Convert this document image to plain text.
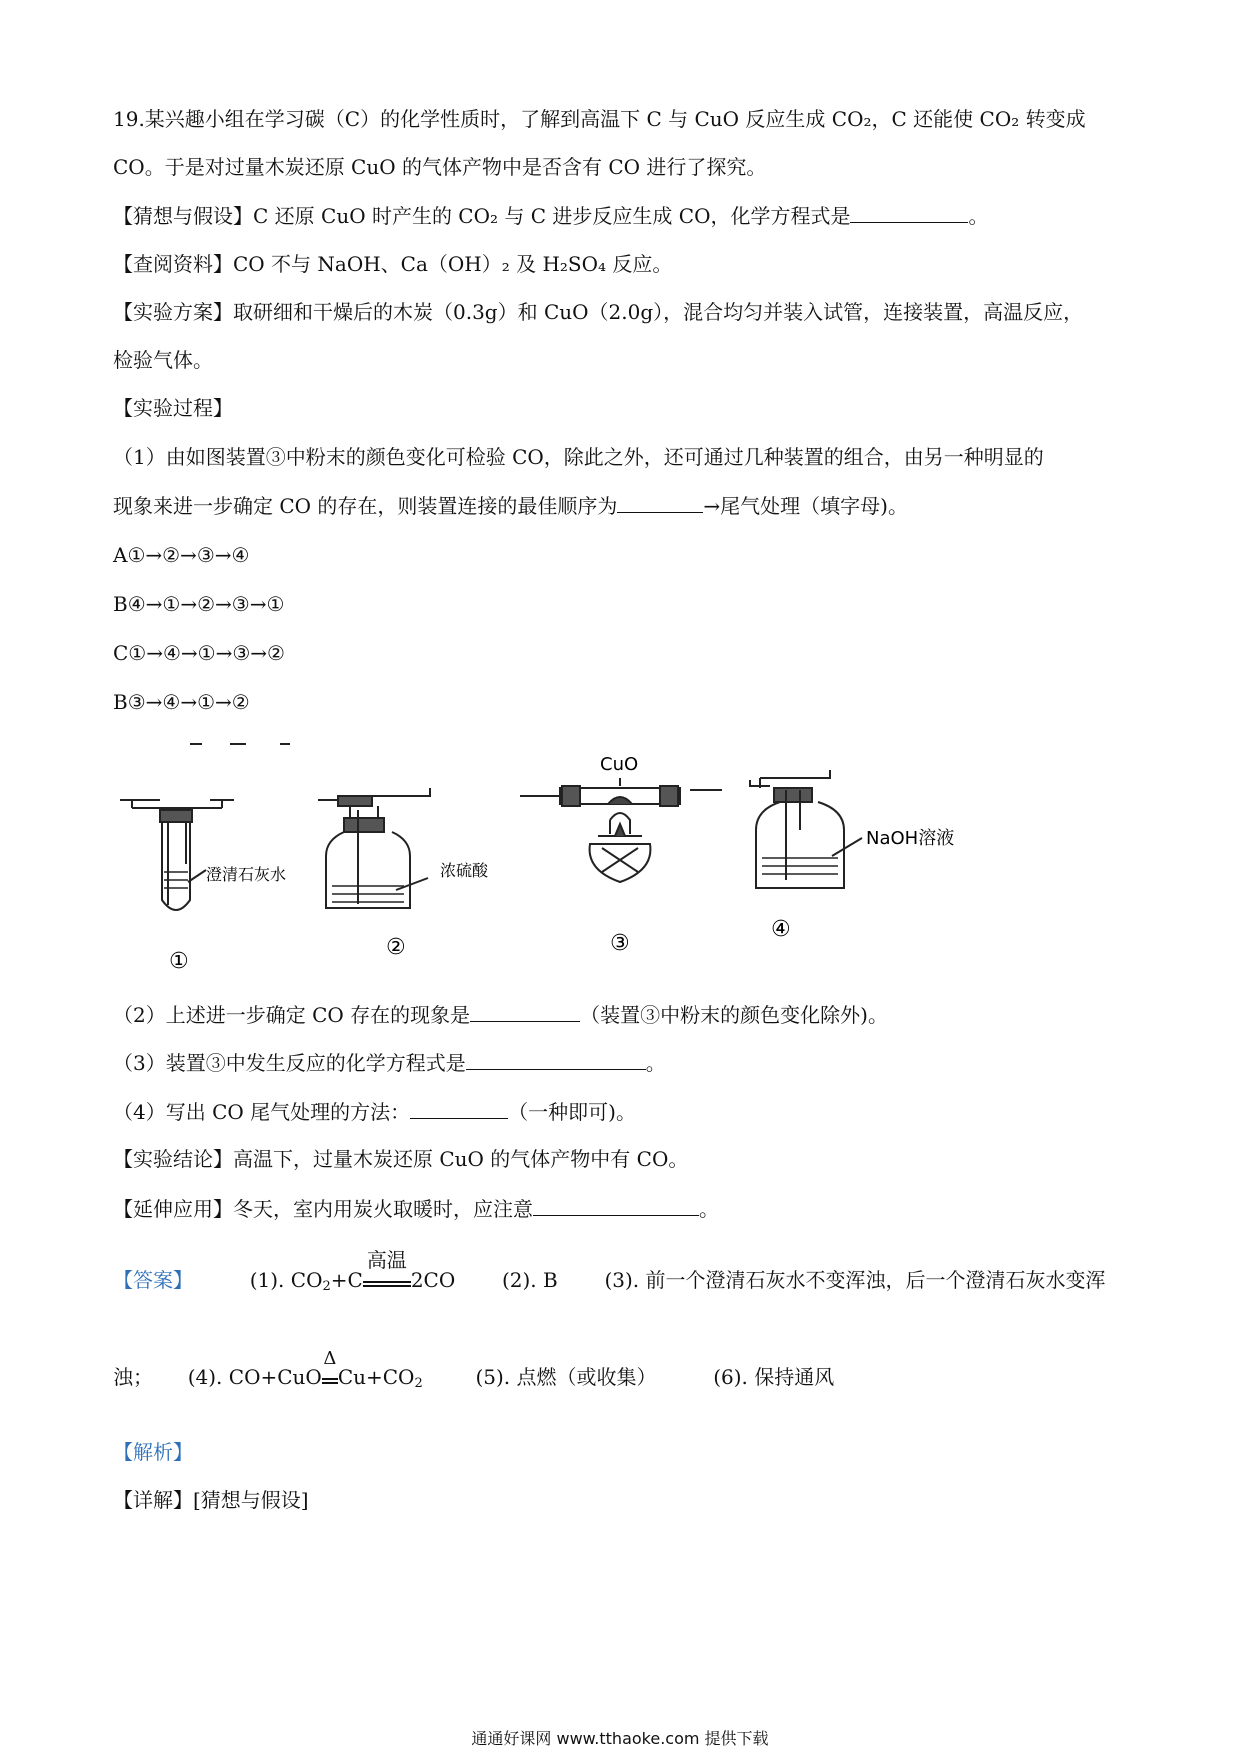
19.某兴趣小组在学习碳（C）的化学性质时，了解到高温下 C 与 CuO 反应生成 CO₂，C 还能使 CO₂ 转变成
CO。于是对过量木炭还原 CuO 的气体产物中是否含有 CO 进行了探究。
【猜想与假设】C 还原 CuO 时产生的 CO₂ 与 C 进步反应生成 CO，化学方程式是	。
【查阅资料】CO 不与 NaOH、Ca（OH）₂ 及 H₂SO₄ 反应。
【实验方案】取研细和干燥后的木炭（0.3g）和 CuO（2.0g），混合均匀并装入试管，连接装置，高温反应，
检验气体。
【实验过程】
（1）由如图装置③中粉末的颜色变化可检验 CO，除此之外，还可通过几种装置的组合，由另一种明显的
现象来进一步确定 CO 的存在，则装置连接的最佳顺序为	→尾气处理（填字母)。
A①→②→③→④
B④→①→②→③→①
C①→④→①→③→②
B③→④→①→②
澄清石灰水	浓硫酸
CuO
NaOH溶液
①
②	③
④
（2）上述进一步确定 CO 存在的现象是	（装置③中粉末的颜色变化除外)。
（3）装置③中发生反应的化学方程式是	。
（4）写出 CO 尾气处理的方法：	（一种即可)。
【实验结论】高温下，过量木炭还原 CuO 的气体产物中有 CO。
【延伸应用】冬天，室内用炭火取暖时，应注意	。
【答案】	(1). $CO_2+C$
高温
2CO (2). B (3). 前一个澄清石灰水不变浑浊，后一个澄清石灰水变浑
浊； (4). CO+CuO
Δ
$Cu+CO_2$	(5). 点燃（或收集）	(6). 保持通风
【解析】
【详解】[猜想与假设]
通通好课网 www.tthaoke.com 提供下载
